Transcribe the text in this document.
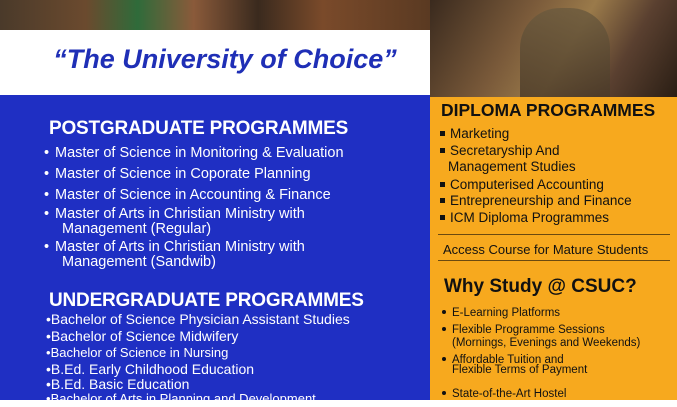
“The University of Choice”
POSTGRADUATE PROGRAMMES
• Master of Science in Monitoring & Evaluation
• Master of Science in Coporate Planning
• Master of Science in Accounting & Finance
• Master of Arts in Christian Ministry with
Management (Regular)
• Master of Arts in Christian Ministry with
Management (Sandwib)
UNDERGRADUATE PROGRAMMES
•Bachelor of Science Physician Assistant Studies
•Bachelor of Science Midwifery
•Bachelor of Science in Nursing
•B.Ed. Early Childhood Education
•B.Ed. Basic Education
•Bachelor of Arts in Planning and Development
DIPLOMA PROGRAMMES
Marketing
Secretaryship And
Management Studies
Computerised Accounting
Entrepreneurship and Finance
ICM Diploma Programmes
Access Course for Mature Students
Why Study @ CSUC?
E-Learning Platforms
Flexible Programme Sessions
(Mornings, Evenings and Weekends)
Affordable Tuition and
Flexible Terms of Payment
State-of-the-Art Hostel
